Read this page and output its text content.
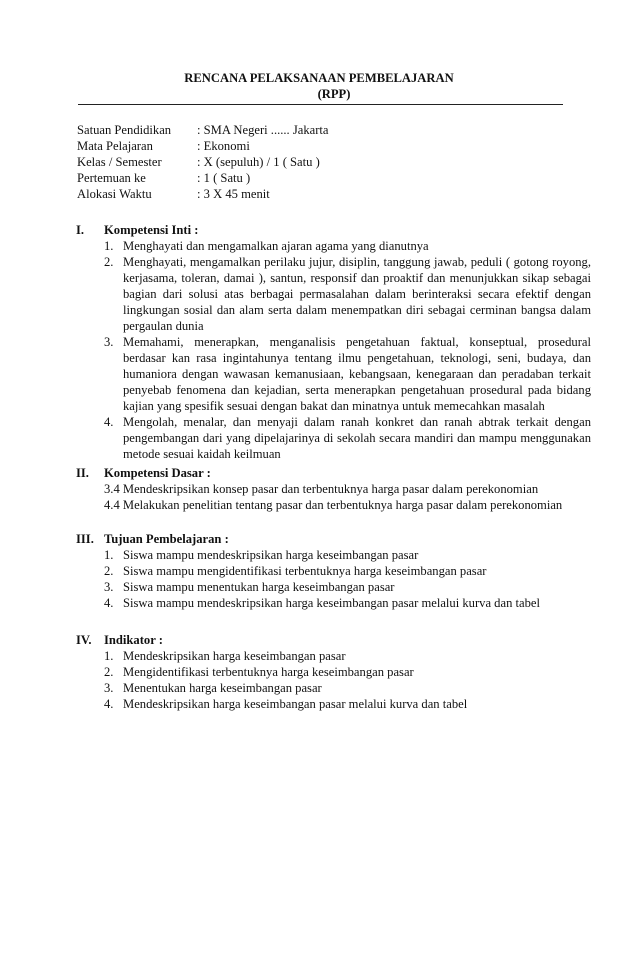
RENCANA PELAKSANAAN PEMBELAJARAN
(RPP)
Satuan Pendidikan	: SMA Negeri ...... Jakarta
Mata Pelajaran	: Ekonomi
Kelas / Semester	: X (sepuluh) / 1 ( Satu )
Pertemuan ke	: 1 ( Satu )
Alokasi Waktu	: 3 X 45 menit
I.	Kompetensi Inti :
1. Menghayati dan mengamalkan ajaran agama yang dianutnya
2. Menghayati, mengamalkan perilaku jujur, disiplin, tanggung jawab, peduli ( gotong royong, kerjasama, toleran, damai ), santun, responsif dan proaktif dan menunjukkan sikap sebagai bagian dari solusi atas berbagai permasalahan dalam berinteraksi secara efektif dengan lingkungan sosial dan alam serta dalam menempatkan diri sebagai cerminan bangsa dalam pergaulan dunia
3. Memahami, menerapkan, menganalisis pengetahuan faktual, konseptual, prosedural berdasar kan rasa ingintahunya tentang ilmu pengetahuan, teknologi, seni, budaya, dan humaniora dengan wawasan kemanusiaan, kebangsaan, kenegaraan dan peradaban terkait penyebab fenomena dan kejadian, serta menerapkan pengetahuan prosedural pada bidang kajian yang spesifik sesuai dengan bakat dan minatnya untuk memecahkan masalah
4. Mengolah, menalar, dan menyaji dalam ranah konkret dan ranah abtrak terkait dengan pengembangan dari yang dipelajarinya di sekolah secara mandiri dan mampu menggunakan metode sesuai kaidah keilmuan
II.	Kompetensi Dasar :
3.4 Mendeskripsikan konsep pasar dan terbentuknya harga pasar dalam perekonomian
4.4 Melakukan penelitian tentang pasar dan terbentuknya harga pasar dalam perekonomian
III. Tujuan Pembelajaran :
1. Siswa mampu mendeskripsikan harga keseimbangan pasar
2. Siswa mampu mengidentifikasi terbentuknya harga keseimbangan pasar
3. Siswa mampu menentukan harga keseimbangan pasar
4. Siswa mampu mendeskripsikan harga keseimbangan pasar melalui kurva dan tabel
IV. Indikator :
1. Mendeskripsikan harga keseimbangan pasar
2. Mengidentifikasi terbentuknya harga keseimbangan pasar
3. Menentukan harga keseimbangan pasar
4. Mendeskripsikan harga keseimbangan pasar melalui kurva dan tabel
